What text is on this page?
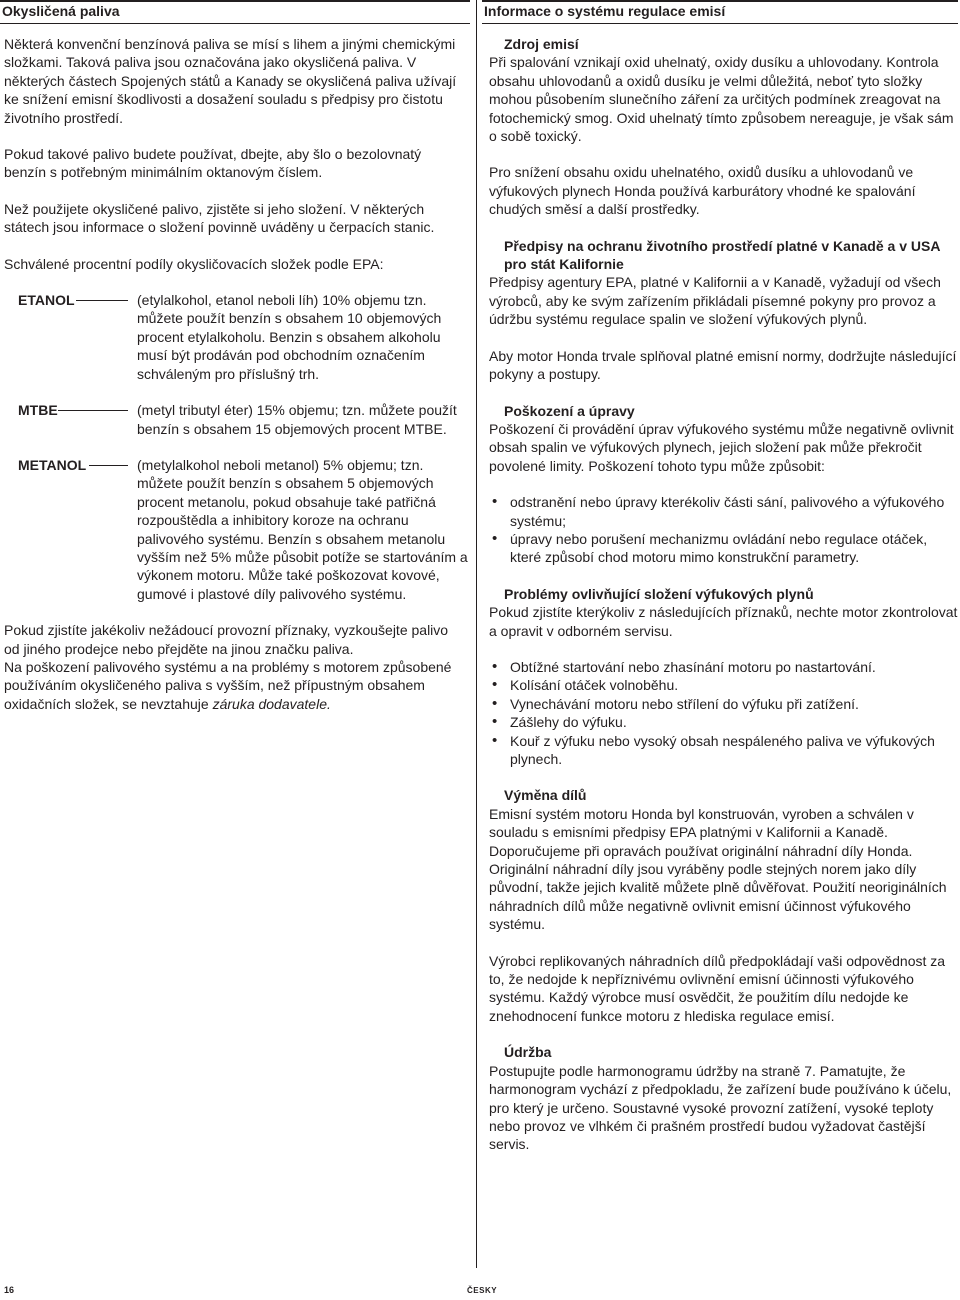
Okysličená paliva

Některá konvenční benzínová paliva se mísí s lihem a jinými chemickými složkami. Taková paliva jsou označována jako okysličená paliva. V některých částech Spojených států a Kanady se okysličená paliva užívají ke snížení emisní škodlivosti a dosažení souladu s předpisy pro čistotu životního prostředí.

Pokud takové palivo budete používat, dbejte, aby šlo o bezolovnatý benzín s potřebným minimálním oktanovým číslem.

Než použijete okysličené palivo, zjistěte si jeho složení. V některých státech jsou informace o složení povinně uváděny u čerpacích stanic.

Schválené procentní podíly okysličovacích složek podle EPA:

ETANOL	(etylalkohol, etanol neboli líh) 10% objemu tzn. můžete použít benzín s obsahem 10 objemových procent etylalkoholu. Benzin s obsahem alkoholu musí být prodáván pod obchodním označením schváleným pro příslušný trh.

MTBE	(metyl tributyl éter) 15% objemu; tzn. můžete použít benzín s obsahem 15 objemových procent MTBE.

METANOL	(metylalkohol neboli metanol) 5% objemu; tzn. můžete použít benzín s obsahem 5 objemových procent metanolu, pokud obsahuje také patřičná rozpouštědla a inhibitory koroze na ochranu palivového systému. Benzín s obsahem metanolu vyšším než 5% může působit potíže se startováním a výkonem motoru. Může také poškozovat kovové, gumové i plastové díly palivového systému.

Pokud zjistíte jakékoliv nežádoucí provozní příznaky, vyzkoušejte palivo od jiného prodejce nebo přejděte na jinou značku paliva.

Na poškození palivového systému a na problémy s motorem způsobené používáním okysličeného paliva s vyšším, než přípustným obsahem oxidačních složek, se nevztahuje záruka dodavatele.

Informace o systému regulace emisí

Zdroj emisí

Při spalování vznikají oxid uhelnatý, oxidy dusíku a uhlovodany. Kontrola obsahu uhlovodanů a oxidů dusíku je velmi důležitá, neboť tyto složky mohou působením slunečního záření za určitých podmínek zreagovat na fotochemický smog. Oxid uhelnatý tímto způsobem nereaguje, je však sám o sobě toxický.

Pro snížení obsahu oxidu uhelnatého, oxidů dusíku a uhlovodanů ve výfukových plynech Honda používá karburátory vhodné ke spalování chudých směsí a další prostředky.

Předpisy na ochranu životního prostředí platné v Kanadě a v USA pro stát Kalifornie

Předpisy agentury EPA, platné v Kalifornii a v Kanadě, vyžadují od všech výrobců, aby ke svým zařízením přikládali písemné pokyny pro provoz a údržbu systému regulace spalin ve složení výfukových plynů.

Aby motor Honda trvale splňoval platné emisní normy, dodržujte následující pokyny a postupy.

Poškození a úpravy

Poškození či provádění úprav výfukového systému může negativně ovlivnit obsah spalin ve výfukových plynech, jejich složení pak může překročit povolené limity. Poškození tohoto typu může způsobit:

• odstranění nebo úpravy kterékoliv části sání, palivového a výfukového systému;
• úpravy nebo porušení mechanizmu ovládání nebo regulace otáček, které způsobí chod motoru mimo konstrukční parametry.

Problémy ovlivňující složení výfukových plynů

Pokud zjistíte kterýkoliv z následujících příznaků, nechte motor zkontrolovat a opravit v odborném servisu.

• Obtížné startování nebo zhasínání motoru po nastartování.
• Kolísání otáček volnoběhu.
• Vynechávání motoru nebo střílení do výfuku při zatížení.
• Zášlehy do výfuku.
• Kouř z výfuku nebo vysoký obsah nespáleného paliva ve výfukových plynech.

Výměna dílů

Emisní systém motoru Honda byl konstruován, vyroben a schválen v souladu s emisními předpisy EPA platnými v Kalifornii a Kanadě. Doporučujeme při opravách používat originální náhradní díly Honda. Originální náhradní díly jsou vyráběny podle stejných norem jako díly původní, takže jejich kvalitě můžete plně důvěřovat. Použití neoriginálních náhradních dílů může negativně ovlivnit emisní účinnost výfukového systému.

Výrobci replikovaných náhradních dílů předpokládají vaši odpovědnost za to, že nedojde k nepříznivému ovlivnění emisní účinnosti výfukového systému. Každý výrobce musí osvědčit, že použitím dílu nedojde ke znehodnocení funkce motoru z hlediska regulace emisí.

Údržba

Postupujte podle harmonogramu údržby na straně 7. Pamatujte, že harmonogram vychází z předpokladu, že zařízení bude používáno k účelu, pro který je určeno. Soustavné vysoké provozní zatížení, vysoké teploty nebo provoz ve vlhkém či prašném prostředí budou vyžadovat častější servis.

16	ČESKY
